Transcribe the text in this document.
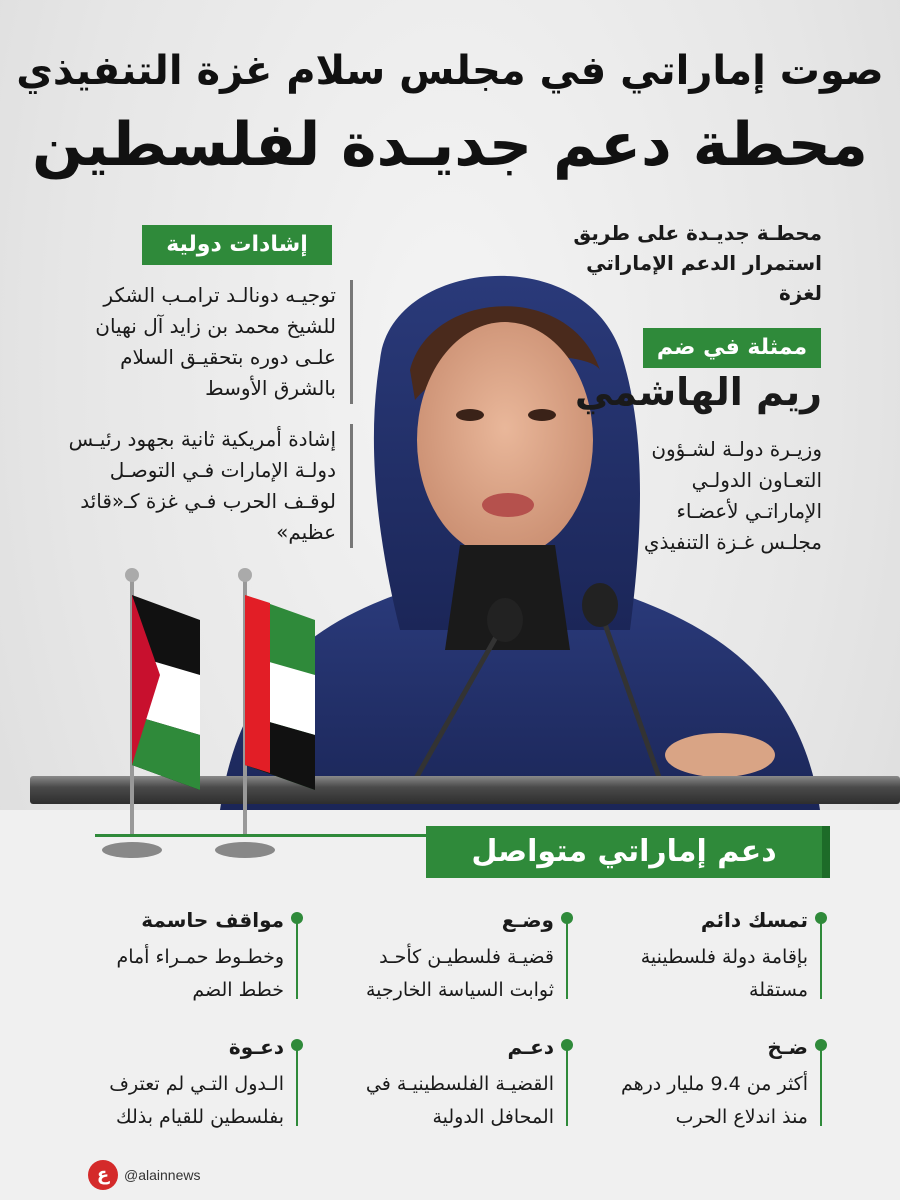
صوت إماراتي في مجلس سلام غزة التنفيذي
محطة دعم جديـدة لفلسطين
محطـة جديـدة على طريق استمرار الدعم الإماراتي لغزة
ممثلة في ضم
ريم الهاشمي
وزيـرة دولـة لشـؤون التعـاون الدولـي الإماراتـي لأعضـاء مجلـس غـزة التنفيذي
إشادات دولية
توجيـه دونالـد ترامـب الشكر للشيخ محمد بن زايد آل نهيان علـى دوره بتحقيـق السلام بالشرق الأوسط
إشادة أمريكية ثانية بجهود رئيـس دولـة الإمارات فـي التوصـل لوقـف الحرب فـي غزة كـ«قائد عظيم»
دعم إماراتي متواصل
تمسك دائم
بإقامة دولة فلسطينية مستقلة
وضـع
قضيـة فلسطيـن كأحـد ثوابت السياسة الخارجية
مواقف حاسمة
وخطـوط حمـراء أمام خطط الضم
ضـخ
أكثر من 9.4 مليار درهم منذ اندلاع الحرب
دعـم
القضيـة الفلسطينيـة في المحافل الدولية
دعـوة
الـدول التـي لم تعترف بفلسطين للقيام بذلك
ع	@alainnews
